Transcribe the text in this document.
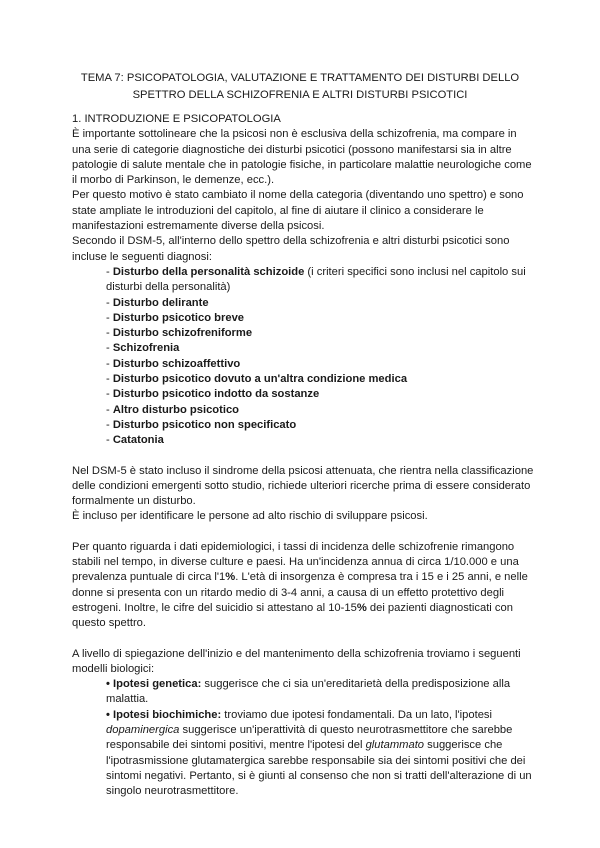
TEMA 7: PSICOPATOLOGIA, VALUTAZIONE E TRATTAMENTO DEI DISTURBI DELLO
SPETTRO DELLA SCHIZOFRENIA E ALTRI DISTURBI PSICOTICI

1. INTRODUZIONE E PSICOPATOLOGIA

È importante sottolineare che la psicosi non è esclusiva della schizofrenia, ma compare in una serie di categorie diagnostiche dei disturbi psicotici (possono manifestarsi sia in altre patologie di salute mentale che in patologie fisiche, in particolare malattie neurologiche come il morbo di Parkinson, le demenze, ecc.).

Per questo motivo è stato cambiato il nome della categoria (diventando uno spettro) e sono state ampliate le introduzioni del capitolo, al fine di aiutare il clinico a considerare le manifestazioni estremamente diverse della psicosi.

Secondo il DSM-5, all'interno dello spettro della schizofrenia e altri disturbi psicotici sono incluse le seguenti diagnosi:

- Disturbo della personalità schizoide (i criteri specifici sono inclusi nel capitolo sui disturbi della personalità)
- Disturbo delirante
- Disturbo psicotico breve
- Disturbo schizofreniforme
- Schizofrenia
- Disturbo schizoaffettivo
- Disturbo psicotico dovuto a un'altra condizione medica
- Disturbo psicotico indotto da sostanze
- Altro disturbo psicotico
- Disturbo psicotico non specificato
- Catatonia

Nel DSM-5 è stato incluso il sindrome della psicosi attenuata, che rientra nella classificazione delle condizioni emergenti sotto studio, richiede ulteriori ricerche prima di essere considerato formalmente un disturbo.

È incluso per identificare le persone ad alto rischio di sviluppare psicosi.

Per quanto riguarda i dati epidemiologici, i tassi di incidenza delle schizofrenie rimangono stabili nel tempo, in diverse culture e paesi. Ha un'incidenza annua di circa 1/10.000 e una prevalenza puntuale di circa l'1%. L'età di insorgenza è compresa tra i 15 e i 25 anni, e nelle donne si presenta con un ritardo medio di 3-4 anni, a causa di un effetto protettivo degli estrogeni. Inoltre, le cifre del suicidio si attestano al 10-15% dei pazienti diagnosticati con questo spettro.

A livello di spiegazione dell'inizio e del mantenimento della schizofrenia troviamo i seguenti modelli biologici:

• Ipotesi genetica: suggerisce che ci sia un'ereditarietà della predisposizione alla malattia.
• Ipotesi biochimiche: troviamo due ipotesi fondamentali. Da un lato, l'ipotesi dopaminergica suggerisce un'iperattività di questo neurotrasmettitore che sarebbe responsabile dei sintomi positivi, mentre l'ipotesi del glutammato suggerisce che l'ipotrasmissione glutamatergica sarebbe responsabile sia dei sintomi positivi che dei sintomi negativi. Pertanto, si è giunti al consenso che non si tratti dell'alterazione di un singolo neurotrasmettitore.
